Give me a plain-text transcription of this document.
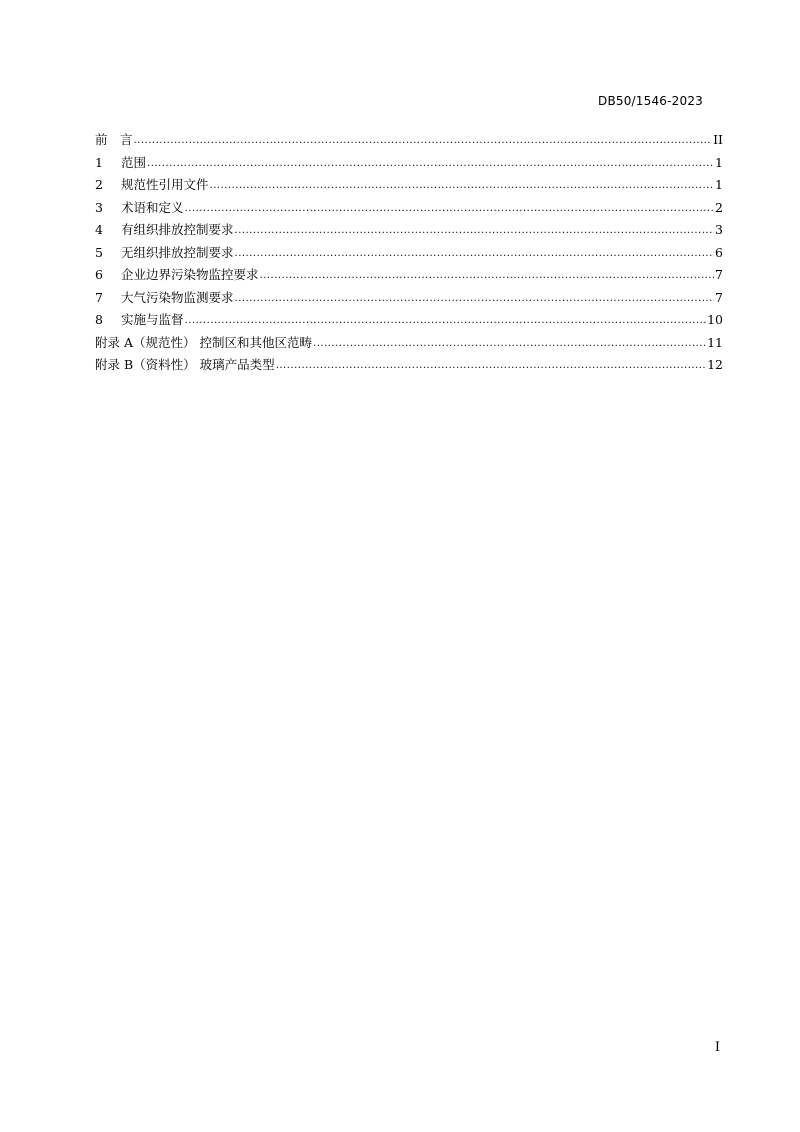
DB50/1546-2023
前　言 .....	II
1	范围 .....	1
2	规范性引用文件 .....	1
3	术语和定义 .....	2
4	有组织排放控制要求 .....	3
5	无组织排放控制要求 .....	6
6	企业边界污染物监控要求 .....	7
7	大气污染物监测要求 .....	7
8	实施与监督 .....	10
附录 A（规范性） 控制区和其他区范畴 .....	11
附录 B（资料性） 玻璃产品类型 .....	12
I
